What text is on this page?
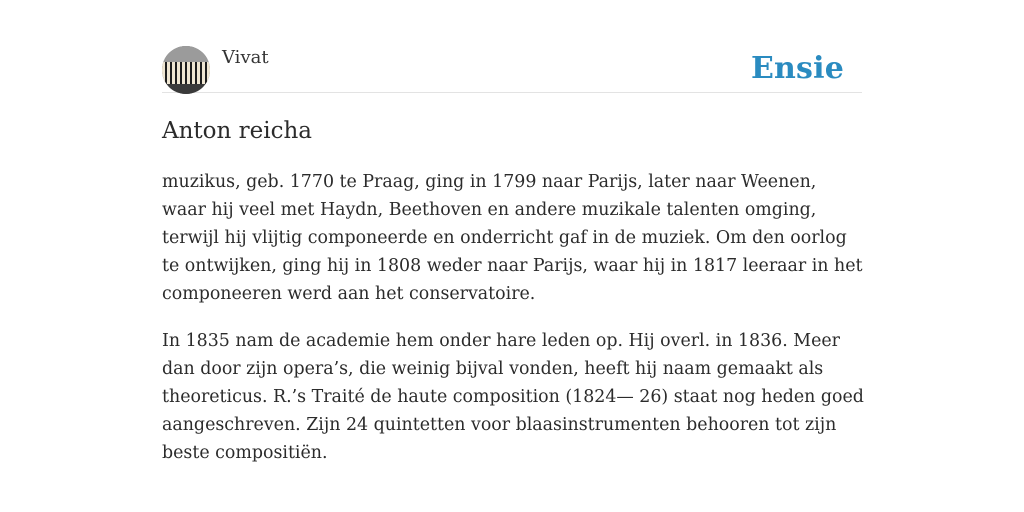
Vivat	Ensie
Anton reicha

muzikus, geb. 1770 te Praag, ging in 1799 naar Parijs, later naar Weenen, waar hij veel met Haydn, Beethoven en andere muzikale talenten omging, terwijl hij vlijtig componeerde en onderricht gaf in de muziek. Om den oorlog te ontwijken, ging hij in 1808 weder naar Parijs, waar hij in 1817 leeraar in het componeeren werd aan het conservatoire.

In 1835 nam de academie hem onder hare leden op. Hij overl. in 1836. Meer dan door zijn opera’s, die weinig bijval vonden, heeft hij naam gemaakt als theoreticus. R.’s Traité de haute composition (1824— 26) staat nog heden goed aangeschreven. Zijn 24 quintetten voor blaasinstrumenten behooren tot zijn beste compositiën.
